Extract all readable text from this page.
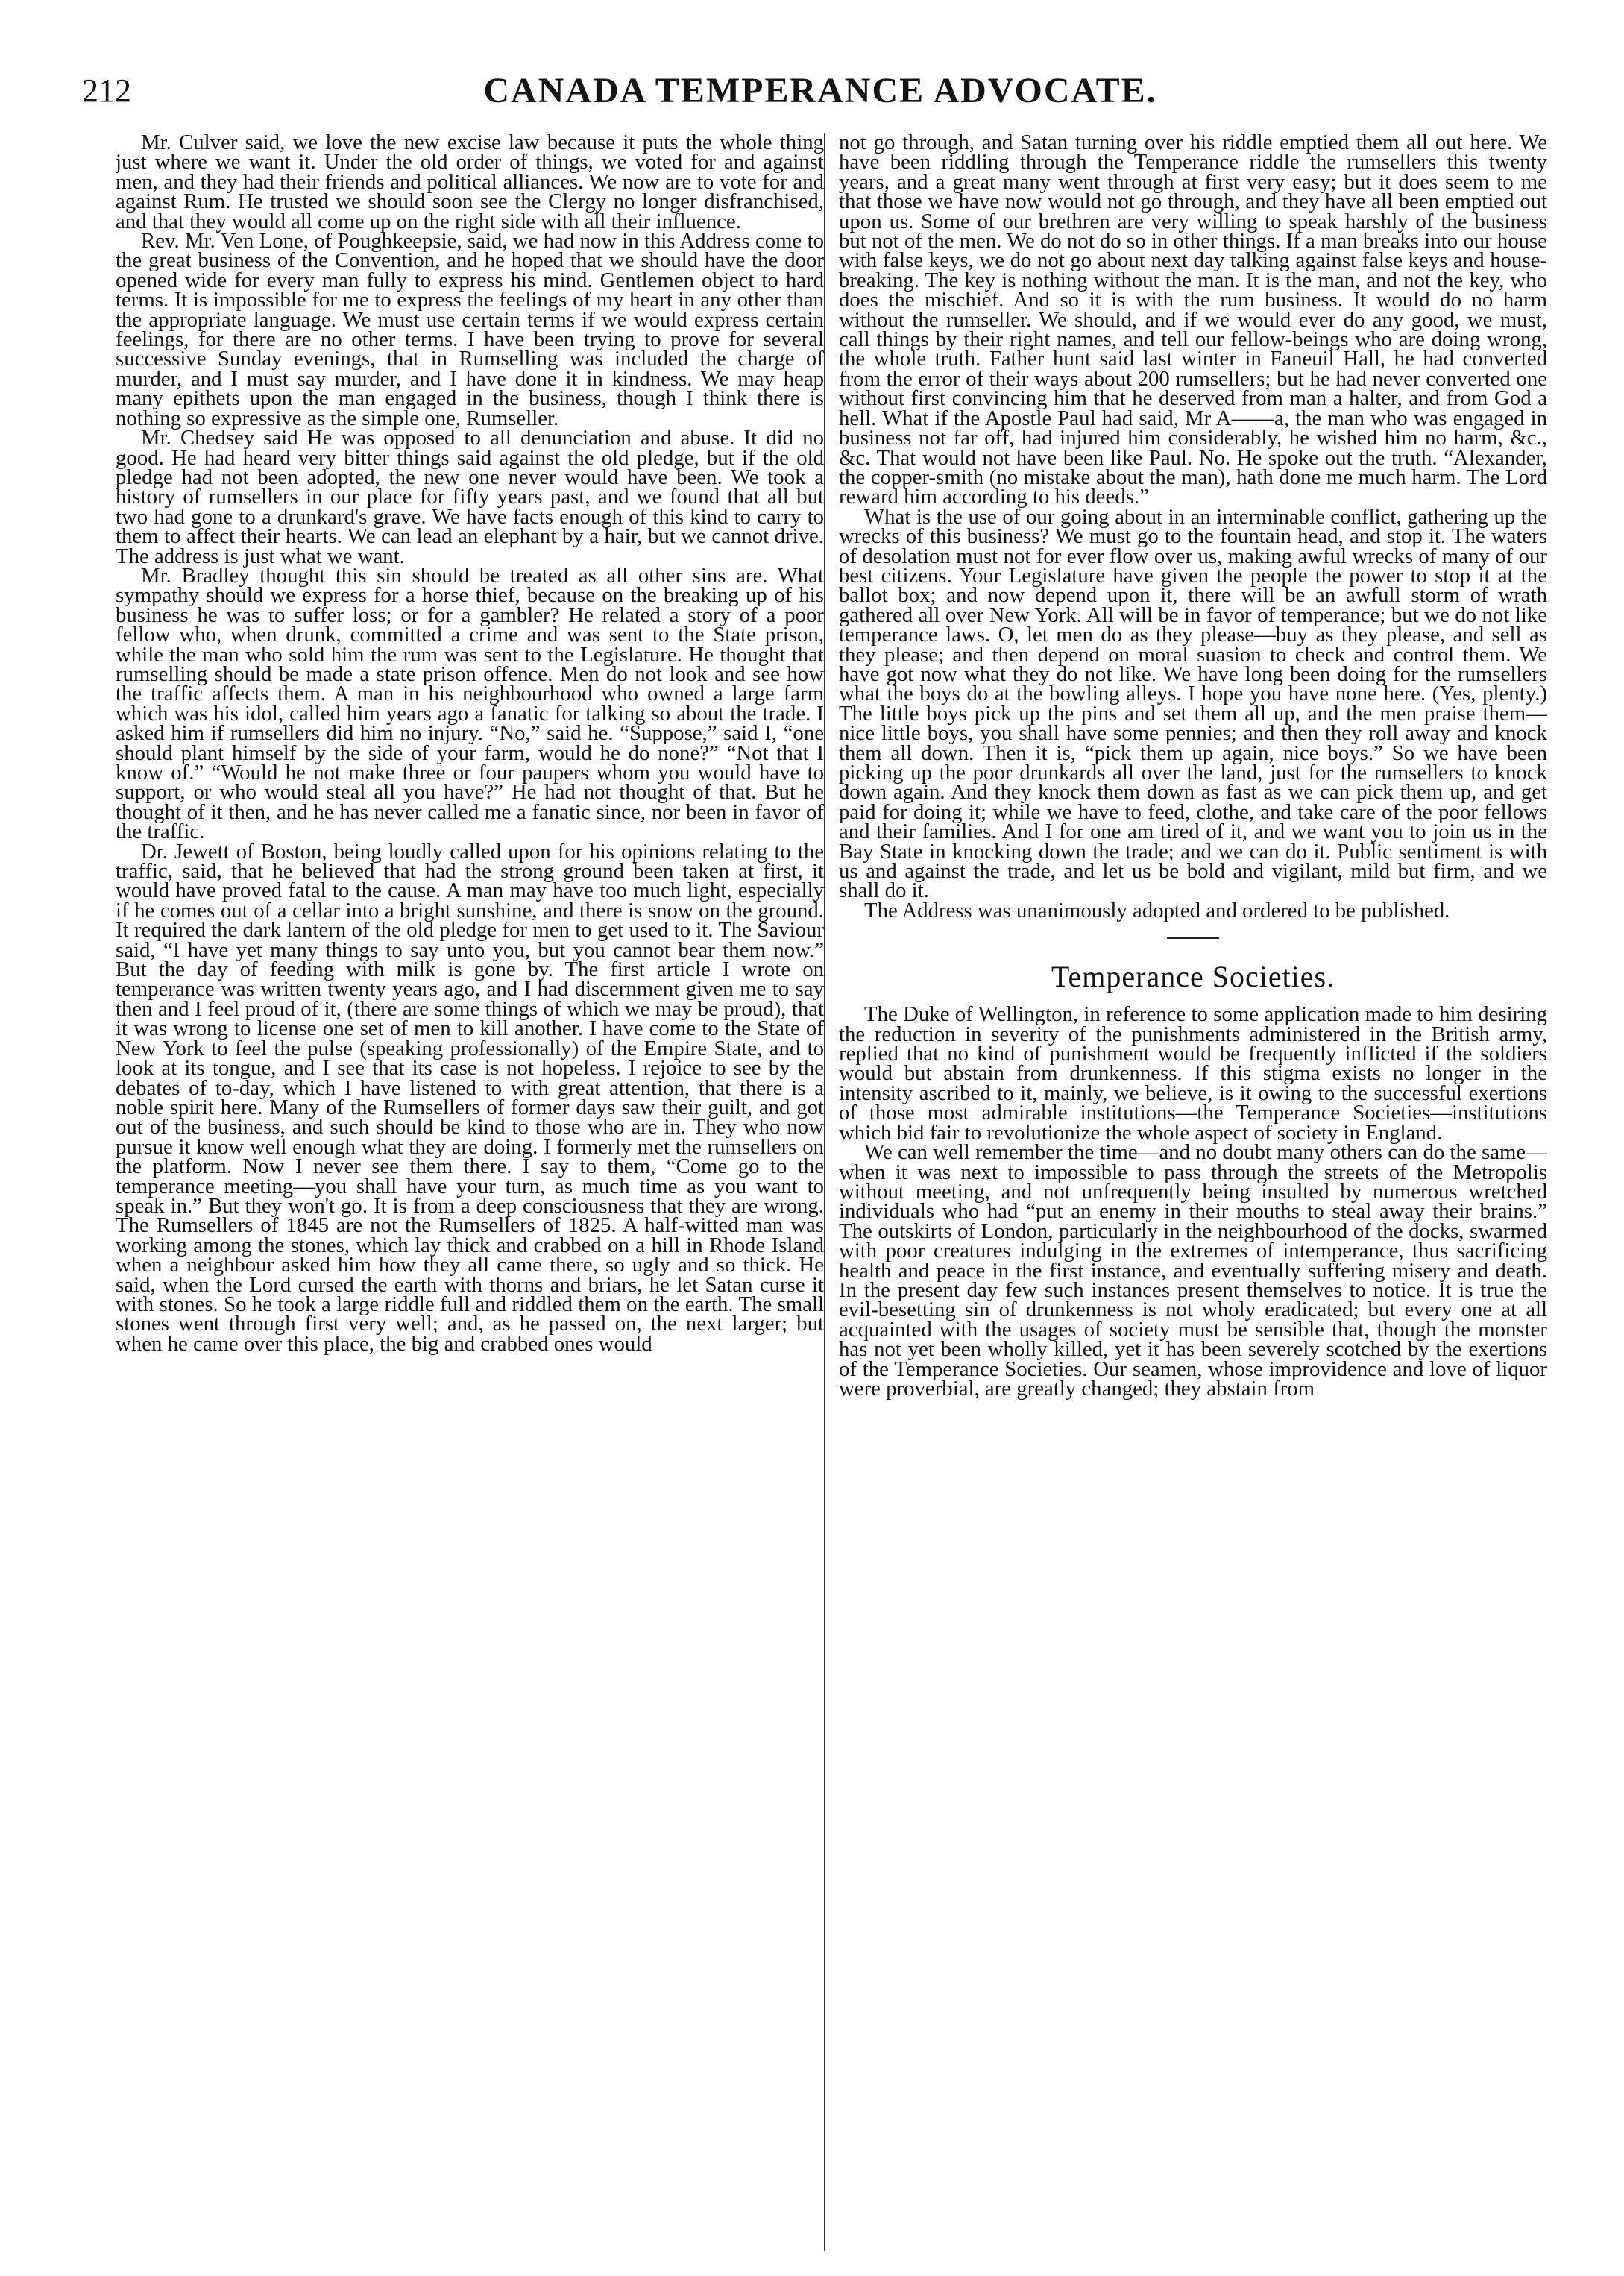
212	CANADA TEMPERANCE ADVOCATE.

Mr. Culver said, we love the new excise law because it puts the whole thing just where we want it. Under the old order of things, we voted for and against men, and they had their friends and political alliances. We now are to vote for and against Rum. He trusted we should soon see the Clergy no longer disfranchised, and that they would all come up on the right side with all their influence.

Rev. Mr. Ven Lone, of Poughkeepsie, said, we had now in this Address come to the great business of the Convention, and he hoped that we should have the door opened wide for every man fully to express his mind. Gentlemen object to hard terms. It is impossible for me to express the feelings of my heart in any other than the appropriate language. We must use certain terms if we would express certain feelings, for there are no other terms. I have been trying to prove for several successive Sunday evenings, that in Rumselling was included the charge of murder, and I must say murder, and I have done it in kindness. We may heap many epithets upon the man engaged in the business, though I think there is nothing so expressive as the simple one, Rumseller.

Mr. Chedsey said He was opposed to all denunciation and abuse. It did no good. He had heard very bitter things said against the old pledge, but if the old pledge had not been adopted, the new one never would have been. We took a history of rumsellers in our place for fifty years past, and we found that all but two had gone to a drunkard's grave. We have facts enough of this kind to carry to them to affect their hearts. We can lead an elephant by a hair, but we cannot drive. The address is just what we want.

Mr. Bradley thought this sin should be treated as all other sins are. What sympathy should we express for a horse thief, because on the breaking up of his business he was to suffer loss; or for a gambler? He related a story of a poor fellow who, when drunk, committed a crime and was sent to the State prison, while the man who sold him the rum was sent to the Legislature. He thought that rumselling should be made a state prison offence. Men do not look and see how the traffic affects them. A man in his neighbourhood who owned a large farm which was his idol, called him years ago a fanatic for talking so about the trade. I asked him if rumsellers did him no injury. “No,” said he. “Suppose,” said I, “one should plant himself by the side of your farm, would he do none?” “Not that I know of.” “Would he not make three or four paupers whom you would have to support, or who would steal all you have?” He had not thought of that. But he thought of it then, and he has never called me a fanatic since, nor been in favor of the traffic.

Dr. Jewett of Boston, being loudly called upon for his opinions relating to the traffic, said, that he believed that had the strong ground been taken at first, it would have proved fatal to the cause. A man may have too much light, especially if he comes out of a cellar into a bright sunshine, and there is snow on the ground. It required the dark lantern of the old pledge for men to get used to it. The Saviour said, “I have yet many things to say unto you, but you cannot bear them now.” But the day of feeding with milk is gone by. The first article I wrote on temperance was written twenty years ago, and I had discernment given me to say then and I feel proud of it, (there are some things of which we may be proud), that it was wrong to license one set of men to kill another. I have come to the State of New York to feel the pulse (speaking professionally) of the Empire State, and to look at its tongue, and I see that its case is not hopeless. I rejoice to see by the debates of to-day, which I have listened to with great attention, that there is a noble spirit here. Many of the Rumsellers of former days saw their guilt, and got out of the business, and such should be kind to those who are in. They who now pursue it know well enough what they are doing. I formerly met the rumsellers on the platform. Now I never see them there. I say to them, “Come go to the temperance meeting—you shall have your turn, as much time as you want to speak in.” But they won't go. It is from a deep consciousness that they are wrong. The Rumsellers of 1845 are not the Rumsellers of 1825. A half-witted man was working among the stones, which lay thick and crabbed on a hill in Rhode Island when a neighbour asked him how they all came there, so ugly and so thick. He said, when the Lord cursed the earth with thorns and briars, he let Satan curse it with stones. So he took a large riddle full and riddled them on the earth. The small stones went through first very well; and, as he passed on, the next larger; but when he came over this place, the big and crabbed ones would

not go through, and Satan turning over his riddle emptied them all out here. We have been riddling through the Temperance riddle the rumsellers this twenty years, and a great many went through at first very easy; but it does seem to me that those we have now would not go through, and they have all been emptied out upon us. Some of our brethren are very willing to speak harshly of the business but not of the men. We do not do so in other things. If a man breaks into our house with false keys, we do not go about next day talking against false keys and house-breaking. The key is nothing without the man. It is the man, and not the key, who does the mischief. And so it is with the rum business. It would do no harm without the rumseller. We should, and if we would ever do any good, we must, call things by their right names, and tell our fellow-beings who are doing wrong, the whole truth. Father hunt said last winter in Faneuil Hall, he had converted from the error of their ways about 200 rumsellers; but he had never converted one without first convincing him that he deserved from man a halter, and from God a hell. What if the Apostle Paul had said, Mr A——a, the man who was engaged in business not far off, had injured him considerably, he wished him no harm, &c., &c. That would not have been like Paul. No. He spoke out the truth. “Alexander, the copper-smith (no mistake about the man), hath done me much harm. The Lord reward him according to his deeds.”

What is the use of our going about in an interminable conflict, gathering up the wrecks of this business? We must go to the fountain head, and stop it. The waters of desolation must not for ever flow over us, making awful wrecks of many of our best citizens. Your Legislature have given the people the power to stop it at the ballot box; and now depend upon it, there will be an awfull storm of wrath gathered all over New York. All will be in favor of temperance; but we do not like temperance laws. O, let men do as they please—buy as they please, and sell as they please; and then depend on moral suasion to check and control them. We have got now what they do not like. We have long been doing for the rumsellers what the boys do at the bowling alleys. I hope you have none here. (Yes, plenty.) The little boys pick up the pins and set them all up, and the men praise them—nice little boys, you shall have some pennies; and then they roll away and knock them all down. Then it is, “pick them up again, nice boys.” So we have been picking up the poor drunkards all over the land, just for the rumsellers to knock down again. And they knock them down as fast as we can pick them up, and get paid for doing it; while we have to feed, clothe, and take care of the poor fellows and their families. And I for one am tired of it, and we want you to join us in the Bay State in knocking down the trade; and we can do it. Public sentiment is with us and against the trade, and let us be bold and vigilant, mild but firm, and we shall do it.

The Address was unanimously adopted and ordered to be published.

Temperance Societies.

The Duke of Wellington, in reference to some application made to him desiring the reduction in severity of the punishments administered in the British army, replied that no kind of punishment would be frequently inflicted if the soldiers would but abstain from drunkenness. If this stigma exists no longer in the intensity ascribed to it, mainly, we believe, is it owing to the successful exertions of those most admirable institutions—the Temperance Societies—institutions which bid fair to revolutionize the whole aspect of society in England.

We can well remember the time—and no doubt many others can do the same—when it was next to impossible to pass through the streets of the Metropolis without meeting, and not unfrequently being insulted by numerous wretched individuals who had “put an enemy in their mouths to steal away their brains.” The outskirts of London, particularly in the neighbourhood of the docks, swarmed with poor creatures indulging in the extremes of intemperance, thus sacrificing health and peace in the first instance, and eventually suffering misery and death. In the present day few such instances present themselves to notice. It is true the evil-besetting sin of drunkenness is not wholy eradicated; but every one at all acquainted with the usages of society must be sensible that, though the monster has not yet been wholly killed, yet it has been severely scotched by the exertions of the Temperance Societies. Our seamen, whose improvidence and love of liquor were proverbial, are greatly changed; they abstain from
